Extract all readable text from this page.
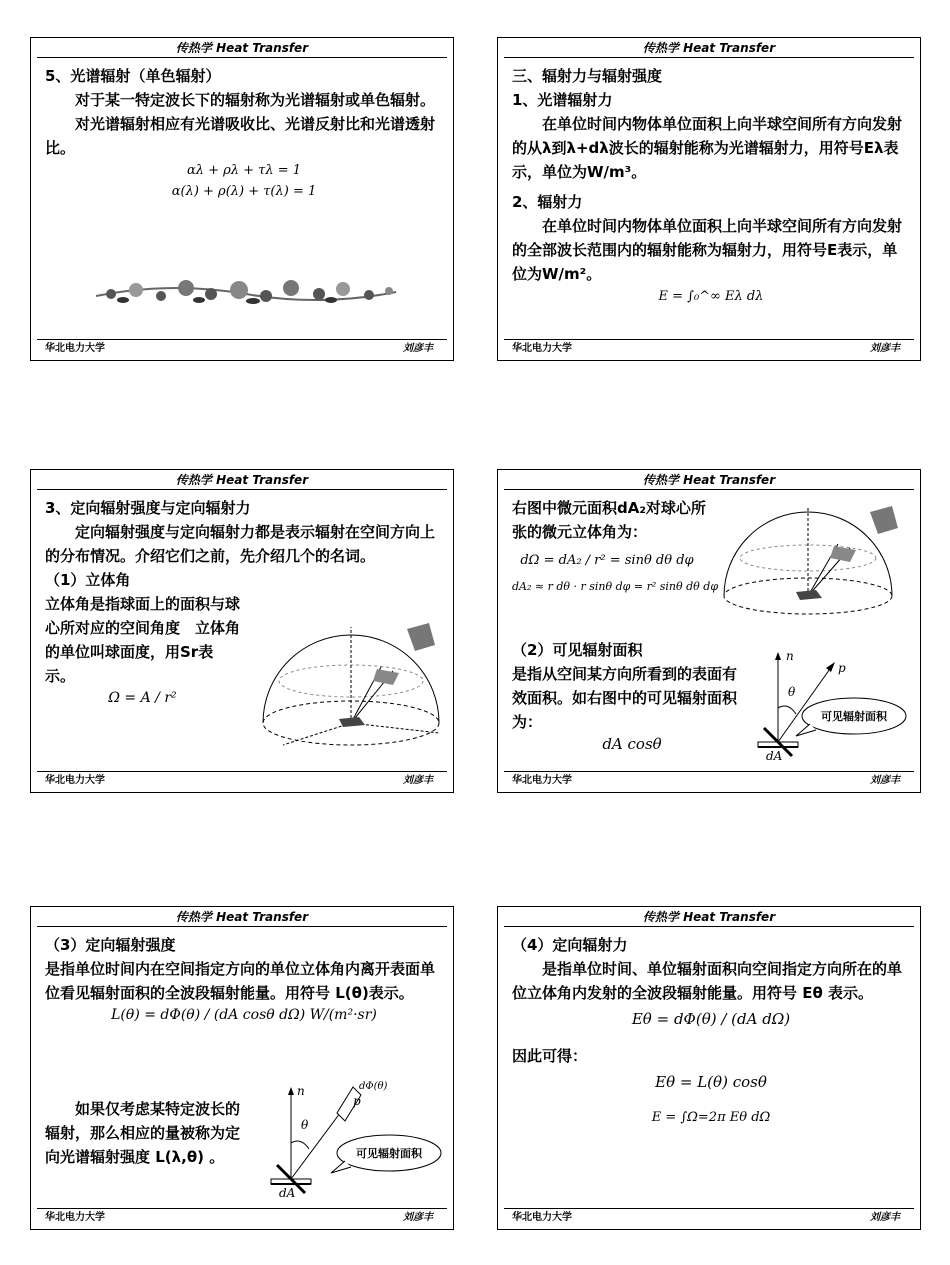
传热学 Heat Transfer

5、光谱辐射（单色辐射）

对于某一特定波长下的辐射称为光谱辐射或单色辐射。

对光谱辐射相应有光谱吸收比、光谱反射比和光谱透射比。

αλ + ρλ + τλ = 1

α(λ) + ρ(λ) + τ(λ) = 1

华北电力大学	刘彦丰
传热学 Heat Transfer

三、辐射力与辐射强度

1、光谱辐射力

在单位时间内物体单位面积上向半球空间所有方向发射的从λ到λ+dλ波长的辐射能称为光谱辐射力，用符号Eλ表示，单位为W/m³。

2、辐射力

在单位时间内物体单位面积上向半球空间所有方向发射的全部波长范围内的辐射能称为辐射力，用符号E表示，单位为W/m²。

E = ∫₀^∞ Eλ dλ

华北电力大学	刘彦丰
传热学 Heat Transfer

3、定向辐射强度与定向辐射力

定向辐射强度与定向辐射力都是表示辐射在空间方向上的分布情况。介绍它们之前，先介绍几个的名词。

（1）立体角

立体角是指球面上的面积与球心所对应的空间角度　立体角的单位叫球面度，用Sr表示。

Ω = A / r²

华北电力大学	刘彦丰
传热学 Heat Transfer

右图中微元面积dA₂对球心所张的微元立体角为：

dΩ = dA₂ / r² = sinθ dθ dφ

dA₂ ≈ r dθ · r sinθ dφ = r² sinθ dθ dφ

（2）可见辐射面积

是指从空间某方向所看到的表面有效面积。如右图中的可见辐射面积为：

dA cosθ

n
p
θ
可见辐射面积
dA
华北电力大学	刘彦丰
传热学 Heat Transfer

（3）定向辐射强度

是指单位时间内在空间指定方向的单位立体角内离开表面单位看见辐射面积的全波段辐射能量。用符号 L(θ)表示。

L(θ) = dΦ(θ) / (dA cosθ dΩ) W/(m²·sr)

如果仅考虑某特定波长的辐射，那么相应的量被称为定向光谱辐射强度 L(λ,θ) 。

n	dΦ(θ)
p
θ
可见辐射面积
dA
华北电力大学	刘彦丰
传热学 Heat Transfer

（4）定向辐射力

是指单位时间、单位辐射面积向空间指定方向所在的单位立体角内发射的全波段辐射能量。用符号 Eθ 表示。

Eθ = dΦ(θ) / (dA dΩ)

因此可得：

Eθ = L(θ) cosθ

E = ∫Ω=2π Eθ dΩ

华北电力大学	刘彦丰
